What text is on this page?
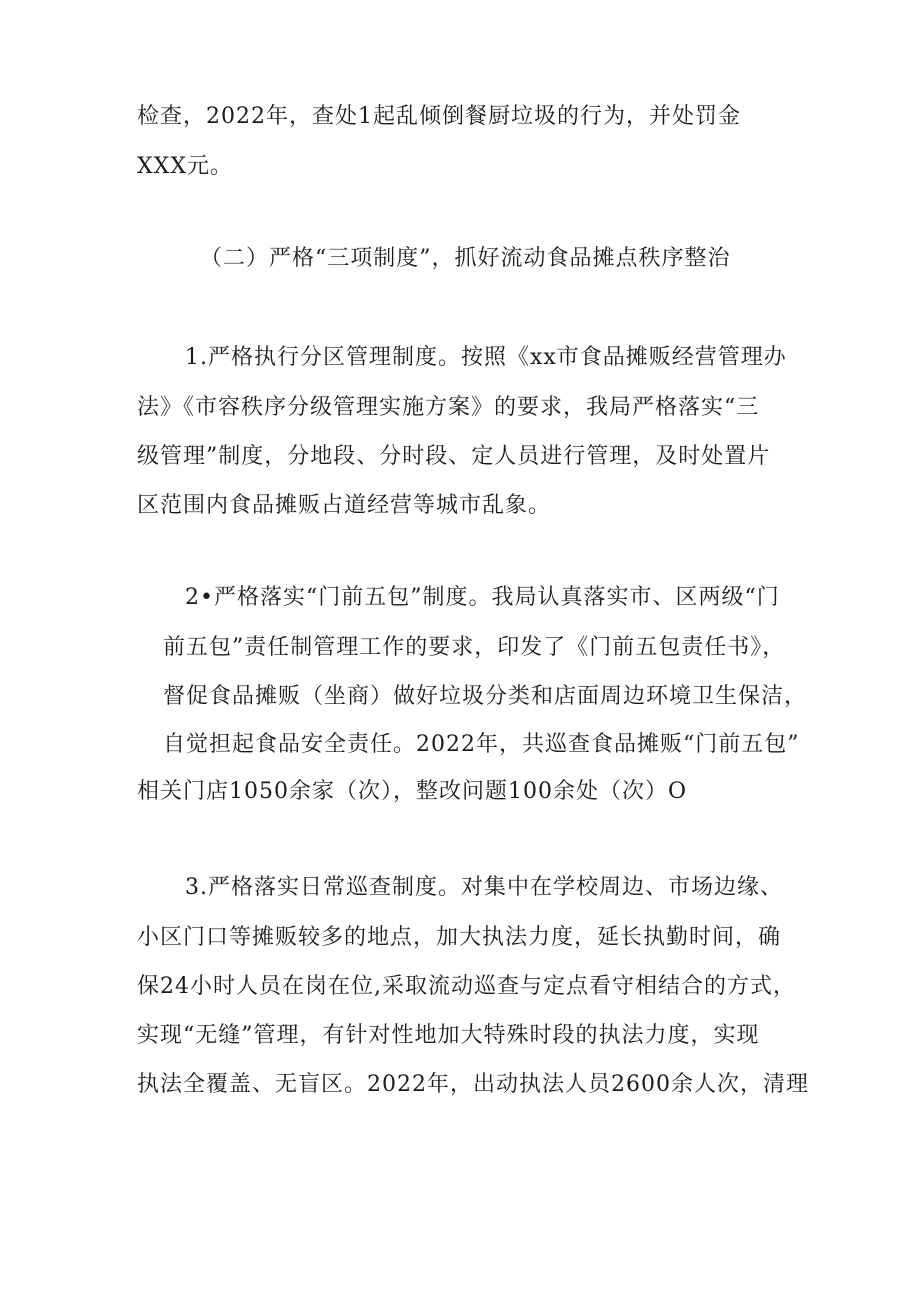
检查，2022年，查处1起乱倾倒餐厨垃圾的行为，并处罚金
XXX元。
（二）严格“三项制度”，抓好流动食品摊点秩序整治
1.严格执行分区管理制度。按照《xx市食品摊贩经营管理办
法》《市容秩序分级管理实施方案》的要求，我局严格落实“三
级管理”制度，分地段、分时段、定人员进行管理，及时处置片
区范围内食品摊贩占道经营等城市乱象。
2•严格落实“门前五包”制度。我局认真落实市、区两级“门
前五包”责任制管理工作的要求，印发了《门前五包责任书》，
督促食品摊贩（坐商）做好垃圾分类和店面周边环境卫生保洁，
自觉担起食品安全责任。2022年，共巡查食品摊贩“门前五包”
相关门店1050余家（次），整改问题100余处（次）O
3.严格落实日常巡查制度。对集中在学校周边、市场边缘、
小区门口等摊贩较多的地点，加大执法力度，延长执勤时间，确
保24小时人员在岗在位,采取流动巡查与定点看守相结合的方式，
实现“无缝”管理，有针对性地加大特殊时段的执法力度，实现
执法全覆盖、无盲区。2022年，出动执法人员2600余人次，清理
